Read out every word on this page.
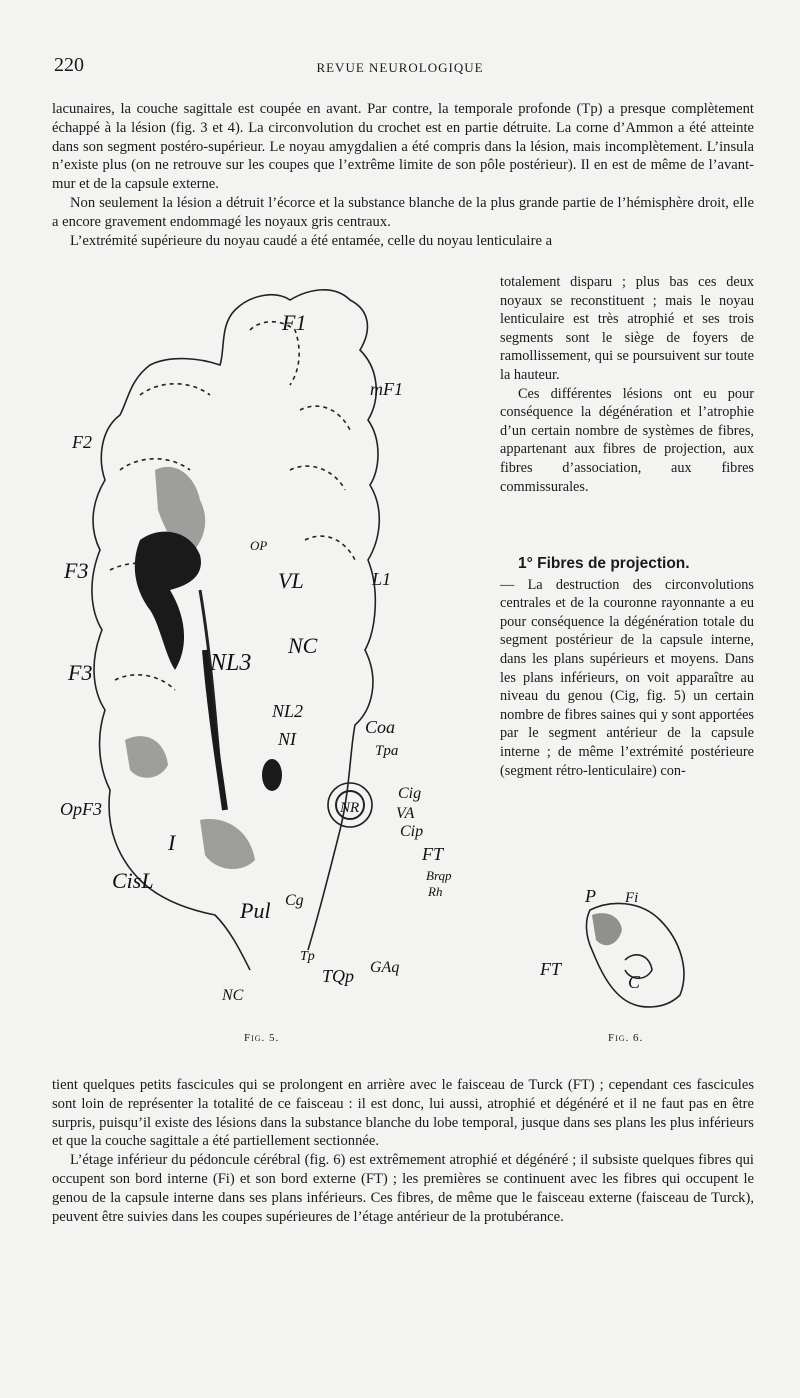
220	REVUE NEUROLOGIQUE

lacunaires, la couche sagittale est coupée en avant. Par contre, la temporale profonde (Tp) a presque complètement échappé à la lésion (fig. 3 et 4). La circonvolution du crochet est en partie détruite. La corne d’Ammon a été atteinte dans son segment postéro-supérieur. Le noyau amygdalien a été compris dans la lésion, mais incomplètement. L’insula n’existe plus (on ne retrouve sur les coupes que l’extrême limite de son pôle postérieur). Il en est de même de l’avant-mur et de la capsule externe.

Non seulement la lésion a détruit l’écorce et la substance blanche de la plus grande partie de l’hémisphère droit, elle a encore gravement endommagé les noyaux gris centraux.

L’extrémité supérieure du noyau caudé a été entamée, celle du noyau lenticulaire a

totalement disparu ; plus bas ces deux noyaux se reconstituent ; mais le noyau lenticulaire est très atrophié et ses trois segments sont le siège de foyers de ramollissement, qui se poursuivent sur toute la hauteur.

Ces différentes lésions ont eu pour conséquence la dégénération et l’atrophie d’un certain nombre de systèmes de fibres, appartenant aux fibres de projection, aux fibres d’association, aux fibres commissurales.

1° Fibres de projection.

— La destruction des circonvolutions centrales et de la couronne rayonnante a eu pour conséquence la dégénération totale du segment postérieur de la capsule interne, dans les plans supérieurs et moyens. Dans les plans inférieurs, on voit apparaître au niveau du genou (Cig, fig. 5) un certain nombre de fibres saines qui y sont apportées par le segment antérieur de la capsule interne ; de même l’extrémité postérieure (segment rétro-lenticulaire) con-

F1
mF1
F2
F3
F3
OP
VL	L1
NC
NL3
NL2
NI
Coa
Tpa
Cig
VA
Cip
NR
FT
Brqp
Rh
OpF3
I
CisL
Pul Cg
Tp
TQp GAq
NC
Fig. 5.
P Fi
FT
C
Fig. 6.

tient quelques petits fascicules qui se prolongent en arrière avec le faisceau de Turck (FT) ; cependant ces fascicules sont loin de représenter la totalité de ce faisceau : il est donc, lui aussi, atrophié et dégénéré et il ne faut pas en être surpris, puisqu’il existe des lésions dans la substance blanche du lobe temporal, jusque dans ses plans les plus inférieurs et que la couche sagittale a été partiellement sectionnée.

L’étage inférieur du pédoncule cérébral (fig. 6) est extrêmement atrophié et dégénéré ; il subsiste quelques fibres qui occupent son bord interne (Fi) et son bord externe (FT) ; les premières se continuent avec les fibres qui occupent le genou de la capsule interne dans ses plans inférieurs. Ces fibres, de même que le faisceau externe (faisceau de Turck), peuvent être suivies dans les coupes supérieures de l’étage antérieur de la protubérance.
